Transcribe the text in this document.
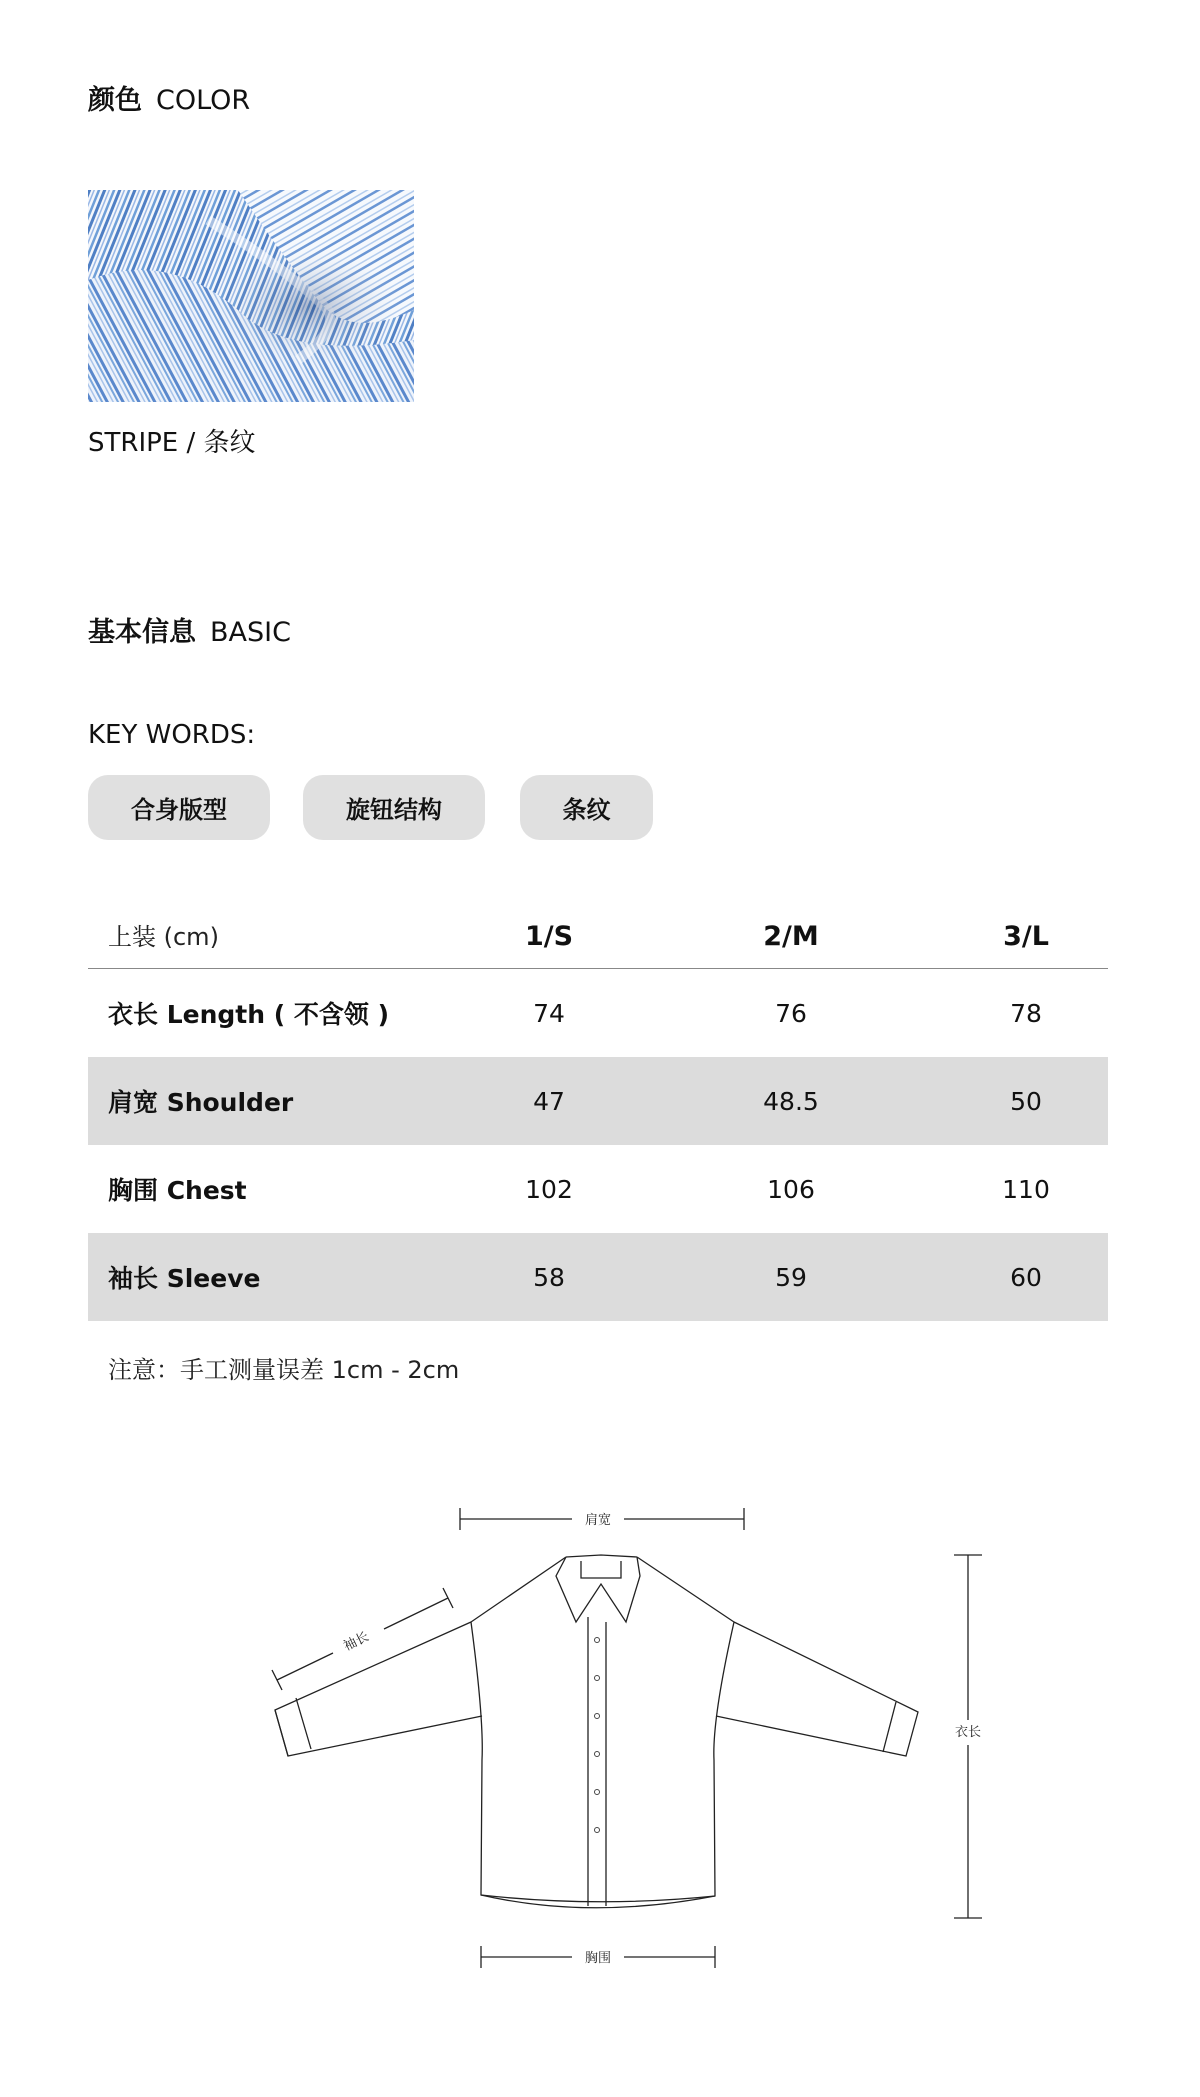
颜色 COLOR
STRIPE / 条纹
基本信息 BASIC
KEY WORDS:
合身版型	旋钮结构	条纹
上装 (cm)	1/S	2/M	3/L
衣长 Length ( 不含领 )	74	76	78
肩宽 Shoulder	47	48.5	50
胸围 Chest	102	106	110
袖长 Sleeve	58	59	60
注意：手工测量误差 1cm - 2cm
肩宽
袖长
衣长
胸围
